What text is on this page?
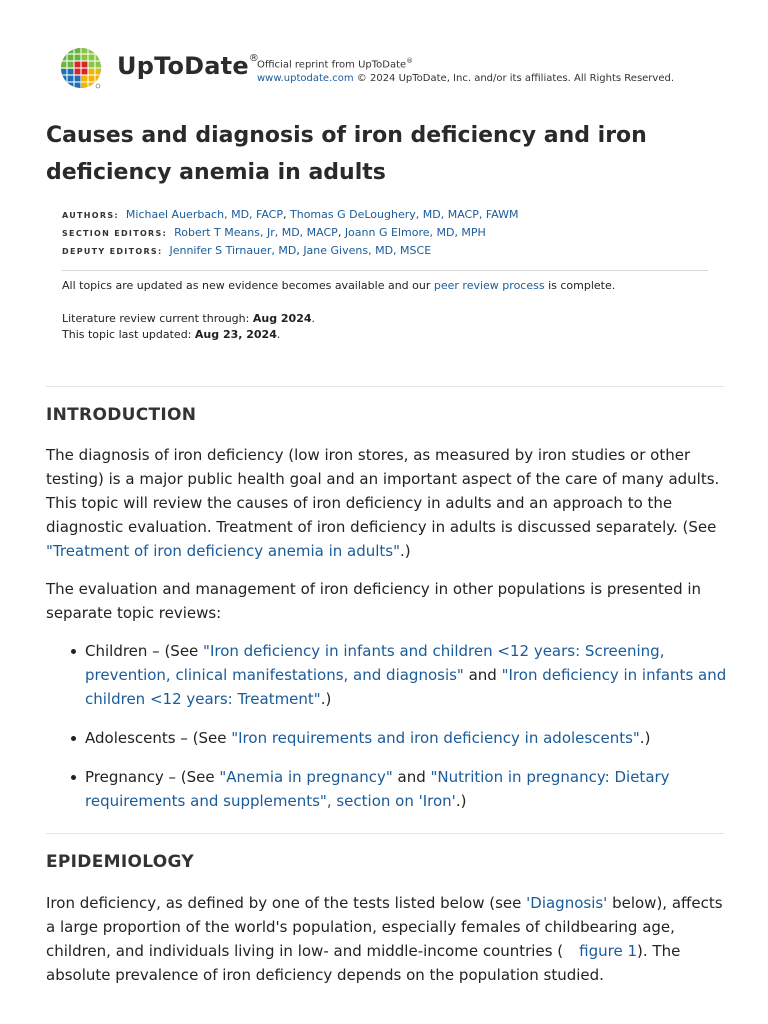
UpToDate®
Official reprint from UpToDate®
www.uptodate.com © 2024 UpToDate, Inc. and/or its affiliates. All Rights Reserved.
Causes and diagnosis of iron deficiency and iron deficiency anemia in adults
AUTHORS: Michael Auerbach, MD, FACP, Thomas G DeLoughery, MD, MACP, FAWM
SECTION EDITORS: Robert T Means, Jr, MD, MACP, Joann G Elmore, MD, MPH
DEPUTY EDITORS: Jennifer S Tirnauer, MD, Jane Givens, MD, MSCE
All topics are updated as new evidence becomes available and our peer review process is complete.
Literature review current through: Aug 2024.
This topic last updated: Aug 23, 2024.
INTRODUCTION

The diagnosis of iron deficiency (low iron stores, as measured by iron studies or other testing) is a major public health goal and an important aspect of the care of many adults. This topic will review the causes of iron deficiency in adults and an approach to the diagnostic evaluation. Treatment of iron deficiency in adults is discussed separately. (See "Treatment of iron deficiency anemia in adults".)

The evaluation and management of iron deficiency in other populations is presented in separate topic reviews:

Children – (See "Iron deficiency in infants and children <12 years: Screening, prevention, clinical manifestations, and diagnosis" and "Iron deficiency in infants and children <12 years: Treatment".)
Adolescents – (See "Iron requirements and iron deficiency in adolescents".)
Pregnancy – (See "Anemia in pregnancy" and "Nutrition in pregnancy: Dietary requirements and supplements", section on 'Iron'.)
EPIDEMIOLOGY

Iron deficiency, as defined by one of the tests listed below (see 'Diagnosis' below), affects a large proportion of the world's population, especially females of childbearing age, children, and individuals living in low- and middle-income countries ( figure 1). The absolute prevalence of iron deficiency depends on the population studied.
